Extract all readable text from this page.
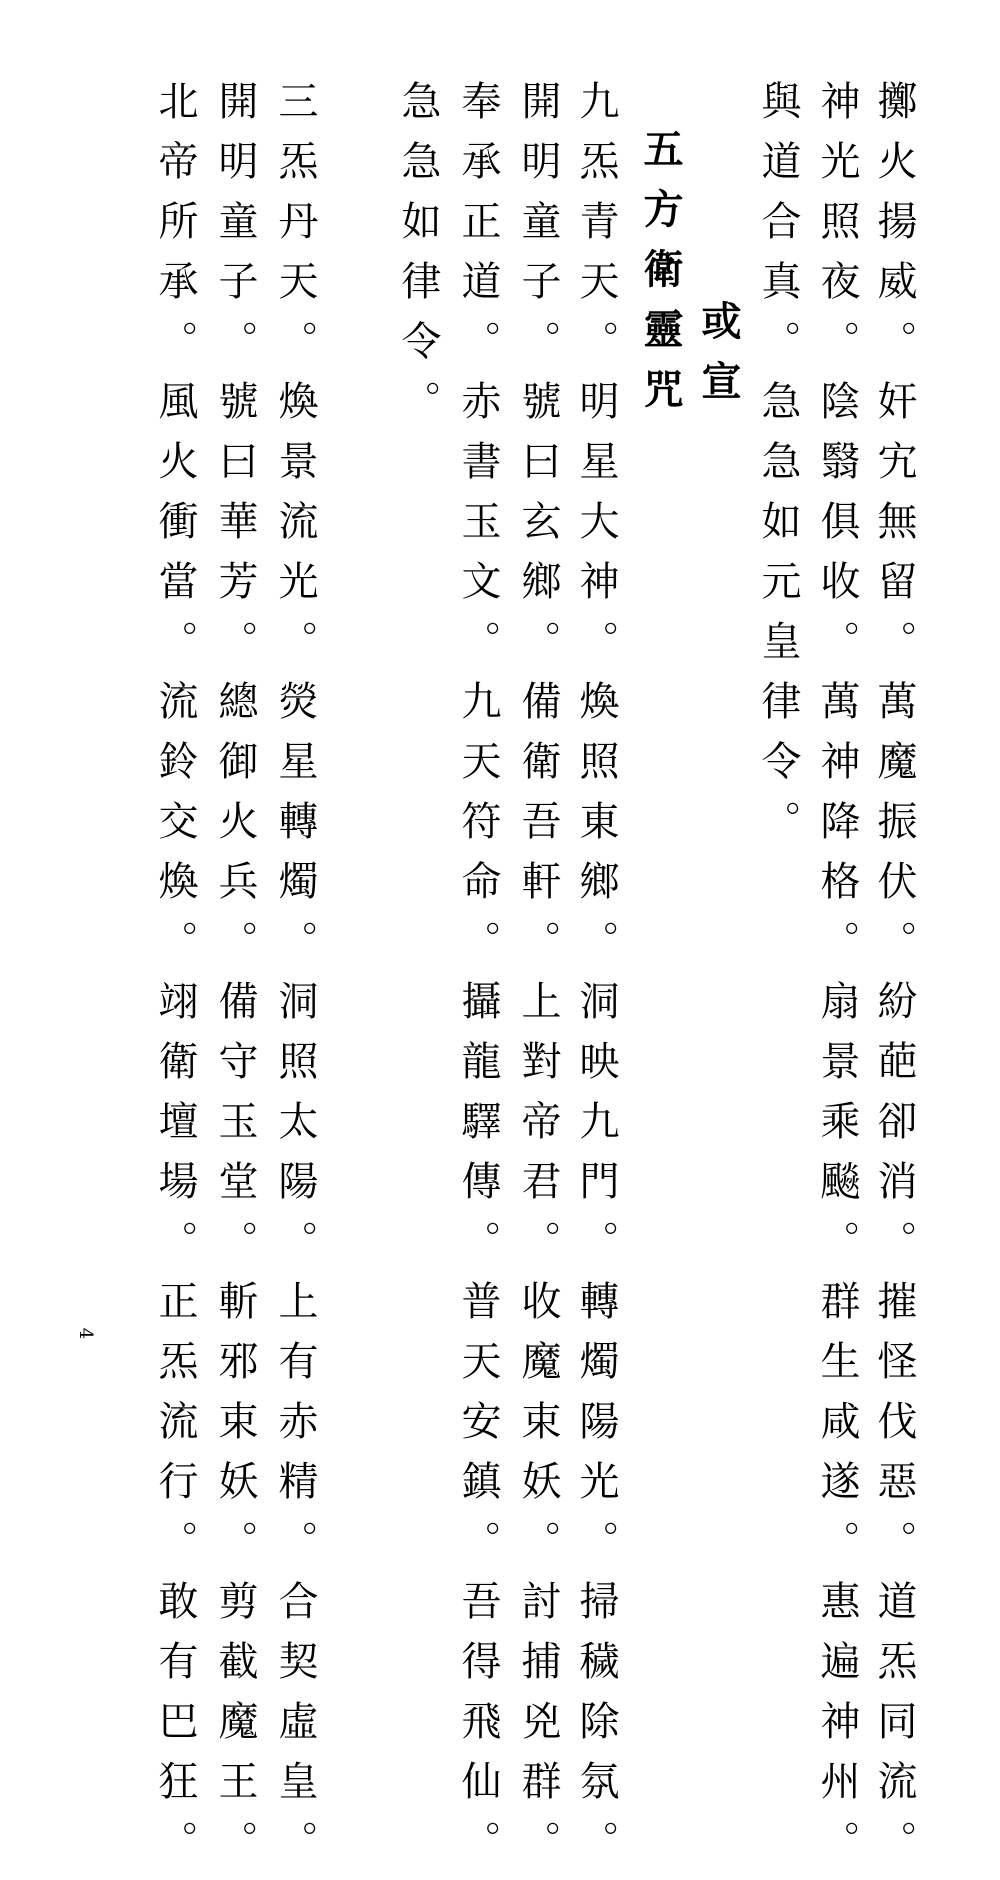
擲火揚威。奸宄無留。萬魔振伏。紛葩卻消。摧怪伐惡。道炁同流。
神光照夜。陰翳俱收。萬神降格。扇景乘飈。群生咸遂。惠遍神州。
與道合真。急急如元皇律令。
或宣
五方衛靈咒
九炁青天。明星大神。煥照東鄉。洞映九門。轉燭陽光。掃穢除氛。
開明童子。號曰玄鄉。備衛吾軒。上對帝君。收魔束妖。討捕兇群。
奉承正道。赤書玉文。九天符命。攝龍驛傳。普天安鎮。吾得飛仙。
急急如律令。
三炁丹天。煥景流光。熒星轉燭。洞照太陽。上有赤精。合契虛皇。
開明童子。號曰華芳。總御火兵。備守玉堂。斬邪束妖。剪截魔王。
北帝所承。風火衝當。流鈴交煥。翊衛壇場。正炁流行。敢有巴狂。
4
